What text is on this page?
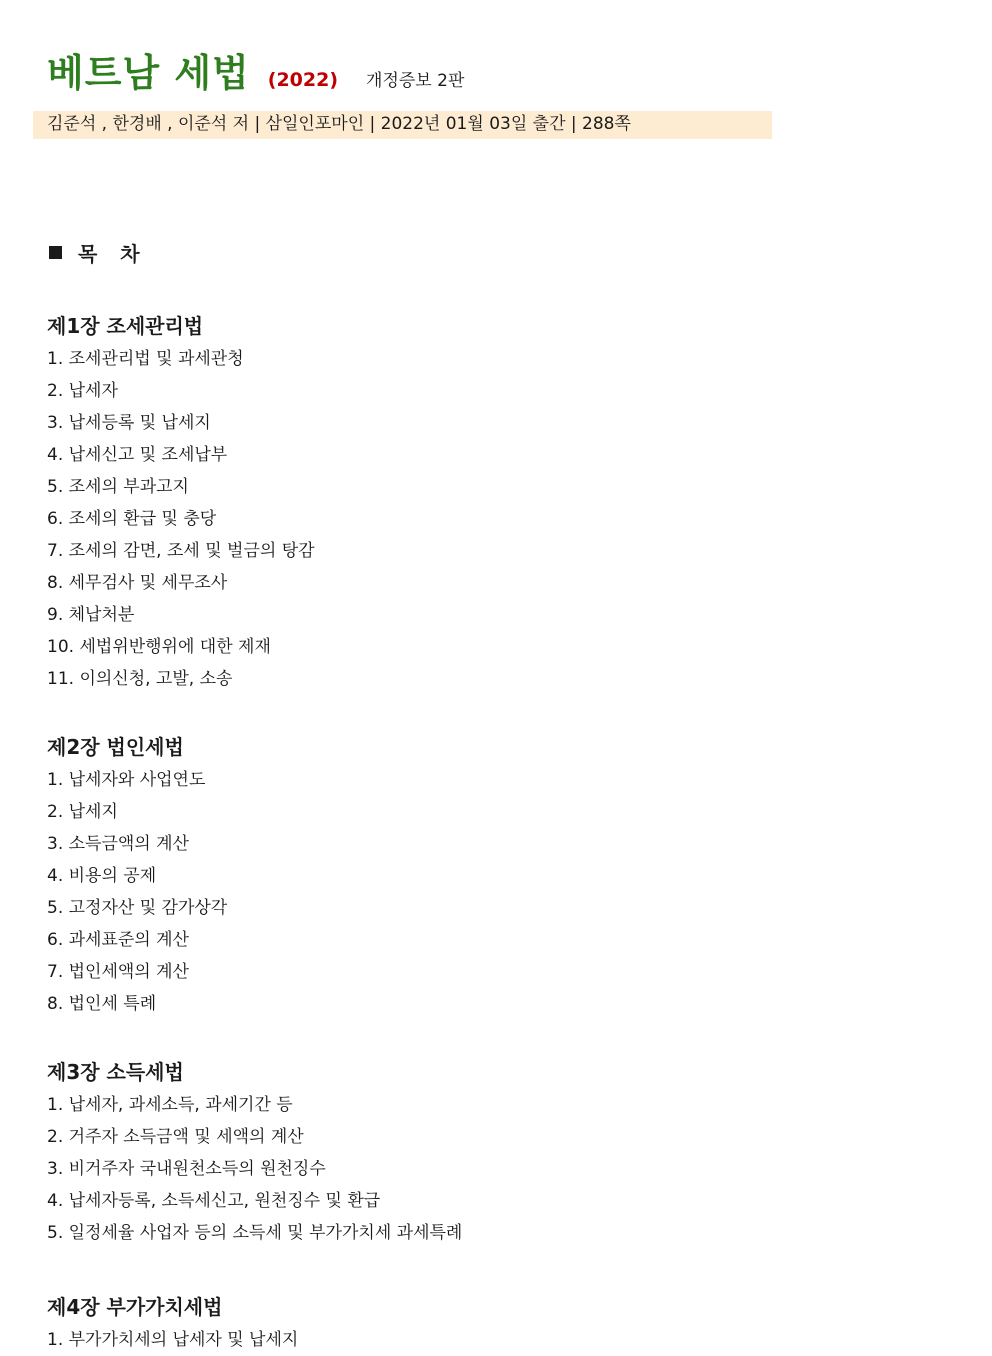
베트남 세법 (2022) 개정증보 2판
김준석 , 한경배 , 이준석 저 | 삼일인포마인 | 2022년 01월 03일 출간 | 288쪽
목 차
제1장 조세관리법
1. 조세관리법 및 과세관청
2. 납세자
3. 납세등록 및 납세지
4. 납세신고 및 조세납부
5. 조세의 부과고지
6. 조세의 환급 및 충당
7. 조세의 감면, 조세 및 벌금의 탕감
8. 세무검사 및 세무조사
9. 체납처분
10. 세법위반행위에 대한 제재
11. 이의신청, 고발, 소송
제2장 법인세법
1. 납세자와 사업연도
2. 납세지
3. 소득금액의 계산
4. 비용의 공제
5. 고정자산 및 감가상각
6. 과세표준의 계산
7. 법인세액의 계산
8. 법인세 특례
제3장 소득세법
1. 납세자, 과세소득, 과세기간 등
2. 거주자 소득금액 및 세액의 계산
3. 비거주자 국내원천소득의 원천징수
4. 납세자등록, 소득세신고, 원천징수 및 환급
5. 일정세율 사업자 등의 소득세 및 부가가치세 과세특례
제4장 부가가치세법
1. 부가가치세의 납세자 및 납세지
